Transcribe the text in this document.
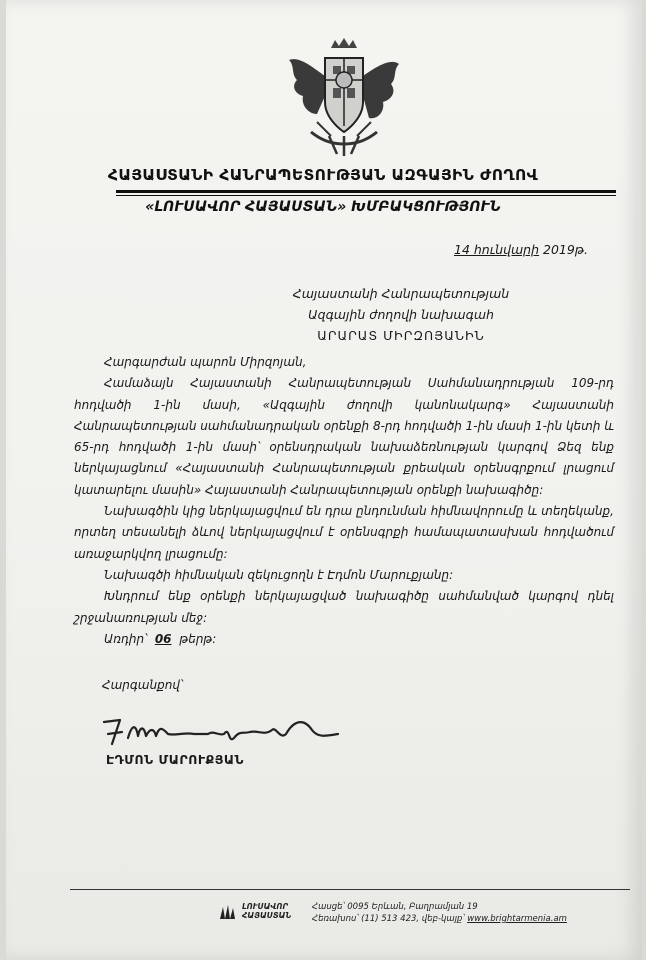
ՀԱՅԱՍՏԱՆԻ ՀԱՆՐԱՊԵՏՈՒԹՅԱՆ ԱԶԳԱՅԻՆ ԺՈՂՈՎ
«ԼՈՒՍԱՎՈՐ ՀԱՅԱՍՏԱՆ» ԽՄԲԱԿՑՈՒԹՅՈՒՆ
14 հունվարի 2019թ.
Հայաստանի Հանրապետության
Ազգային ժողովի նախագահ
ԱՐԱՐԱՏ ՄԻՐԶՈՅԱՆԻՆ

Հարգարժան պարոն Միրզոյան,

Համաձայն Հայաստանի Հանրապետության Սահմանադրության 109-րդ հոդվածի 1-ին մասի, «Ազգային ժողովի կանոնակարգ» Հայաստանի Հանրապետության սահմանադրական օրենքի 8-րդ հոդվածի 1-ին մասի 1-ին կետի և 65-րդ հոդվածի 1-ին մասի՝ օրենսդրական նախաձեռնության կարգով Ձեզ ենք ներկայացնում «Հայաստանի Հանրապետության քրեական օրենսգրքում լրացում կատարելու մասին» Հայաստանի Հանրապետության օրենքի նախագիծը:

Նախագծին կից ներկայացվում են դրա ընդունման հիմնավորումը և տեղեկանք, որտեղ տեսանելի ձևով ներկայացվում է օրենսգրքի համապատասխան հոդվածում առաջարկվող լրացումը:

Նախագծի հիմնական զեկուցողն է Էդմոն Մարուքյանը:

Խնդրում ենք օրենքի ներկայացված նախագիծը սահմանված կարգով դնել շրջանառության մեջ:

Առդիր՝ 06 թերթ:

Հարգանքով՝
ԷԴՄՈՆ ՄԱՐՈՒՔՅԱՆ
ԼՈՒՍԱՎՈՐ
ՀԱՅԱՍՏԱՆ
Հասցե՝ 0095 Երևան, Բաղրամյան 19
Հեռախոս՝ (11) 513 423, վեբ-կայք՝ www.brightarmenia.am
